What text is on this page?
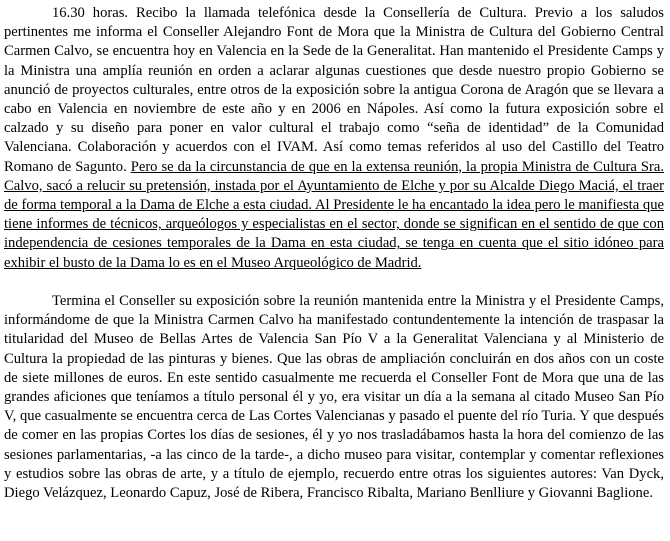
16.30 horas. Recibo la llamada telefónica desde la Consellería de Cultura. Previo a los saludos pertinentes me informa el Conseller Alejandro Font de Mora que la Ministra de Cultura del Gobierno Central Carmen Calvo, se encuentra hoy en Valencia en la Sede de la Generalitat. Han mantenido el Presidente Camps y la Ministra una amplía reunión en orden a aclarar algunas cuestiones que desde nuestro propio Gobierno se anunció de proyectos culturales, entre otros de la exposición sobre la antigua Corona de Aragón que se llevara a cabo en Valencia en noviembre de este año y en 2006 en Nápoles. Así como la futura exposición sobre el calzado y su diseño para poner en valor cultural el trabajo como “seña de identidad” de la Comunidad Valenciana. Colaboración y acuerdos con el IVAM. Así como temas referidos al uso del Castillo del Teatro Romano de Sagunto. Pero se da la circunstancia de que en la extensa reunión, la propia Ministra de Cultura Sra. Calvo, sacó a relucir su pretensión, instada por el Ayuntamiento de Elche y por su Alcalde Diego Maciá, el traer de forma temporal a la Dama de Elche a esta ciudad. Al Presidente le ha encantado la idea pero le manifiesta que tiene informes de técnicos, arqueólogos y especialistas en el sector, donde se significan en el sentido de que con independencia de cesiones temporales de la Dama en esta ciudad, se tenga en cuenta que el sitio idóneo para exhibir el busto de la Dama lo es en el Museo Arqueológico de Madrid.

Termina el Conseller su exposición sobre la reunión mantenida entre la Ministra y el Presidente Camps, informándome de que la Ministra Carmen Calvo ha manifestado contundentemente la intención de traspasar la titularidad del Museo de Bellas Artes de Valencia San Pío V a la Generalitat Valenciana y al Ministerio de Cultura la propiedad de las pinturas y bienes. Que las obras de ampliación concluirán en dos años con un coste de siete millones de euros. En este sentido casualmente me recuerda el Conseller Font de Mora que una de las grandes aficiones que teníamos a título personal él y yo, era visitar un día a la semana al citado Museo San Pío V, que casualmente se encuentra cerca de Las Cortes Valencianas y pasado el puente del río Turia. Y que después de comer en las propias Cortes los días de sesiones, él y yo nos trasladábamos hasta la hora del comienzo de las sesiones parlamentarias, -a las cinco de la tarde-, a dicho museo para visitar, contemplar y comentar reflexiones y estudios sobre las obras de arte, y a título de ejemplo, recuerdo entre otras los siguientes autores: Van Dyck, Diego Velázquez, Leonardo Capuz, José de Ribera, Francisco Ribalta, Mariano Benlliure y Giovanni Baglione.
